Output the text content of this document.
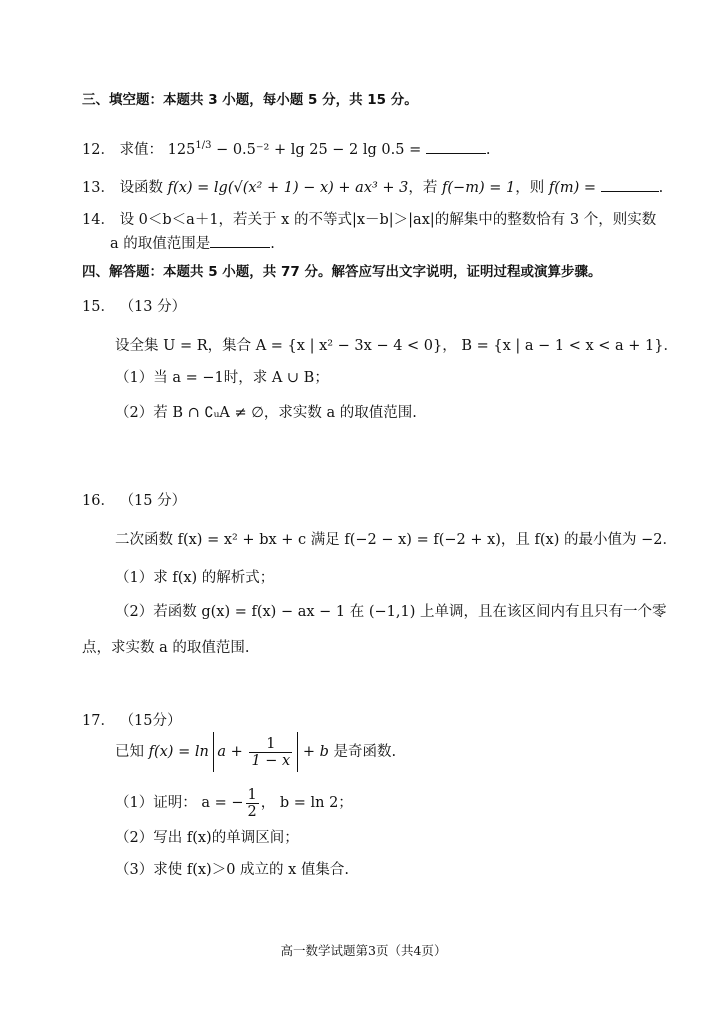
三、填空题：本题共 3 小题，每小题 5 分，共 15 分。
12． 求值： $125^{1/3} - 0.5^{-2} + \lg 25 - 2$ lg 0.5 =	.
13． 设函数 f(x) = lg(√(x² + 1) − x) + ax³ + 3，若 f(−m) = 1，则 f(m) =	.
14． 设 0＜b＜a＋1，若关于 x 的不等式|x－b|＞|ax|的解集中的整数恰有 3 个，则实数
a 的取值范围是	.
四、解答题：本题共 5 小题，共 77 分。解答应写出文字说明，证明过程或演算步骤。
15． （13 分）
设全集 U = R，集合 A = {x | x² − 3x − 4 < 0}， B = {x | a − 1 < x < a + 1}．
（1）当 a = −1时，求 A ∪ B；
（2）若 B ∩ ∁ᵤA ≠ ∅，求实数 a 的取值范围.
16． （15 分）
二次函数 f(x) = x² + bx + c 满足 f(−2 − x) = f(−2 + x)，且 f(x) 的最小值为 −2．
（1）求 f(x) 的解析式；
（2）若函数 g(x) = f(x) − ax − 1 在 (−1,1) 上单调，且在该区间内有且只有一个零
点，求实数 a 的取值范围.
17． （15分）
已知 $f(x) = \ln a + \frac{1}{1 - x} + b$ 是奇函数.
（1）证明： a = − $\frac{1}{2}$ ， b = ln 2；
（2）写出 f(x)的单调区间；
（3）求使 f(x)＞0 成立的 x 值集合.
高一数学试题第3页（共4页）
